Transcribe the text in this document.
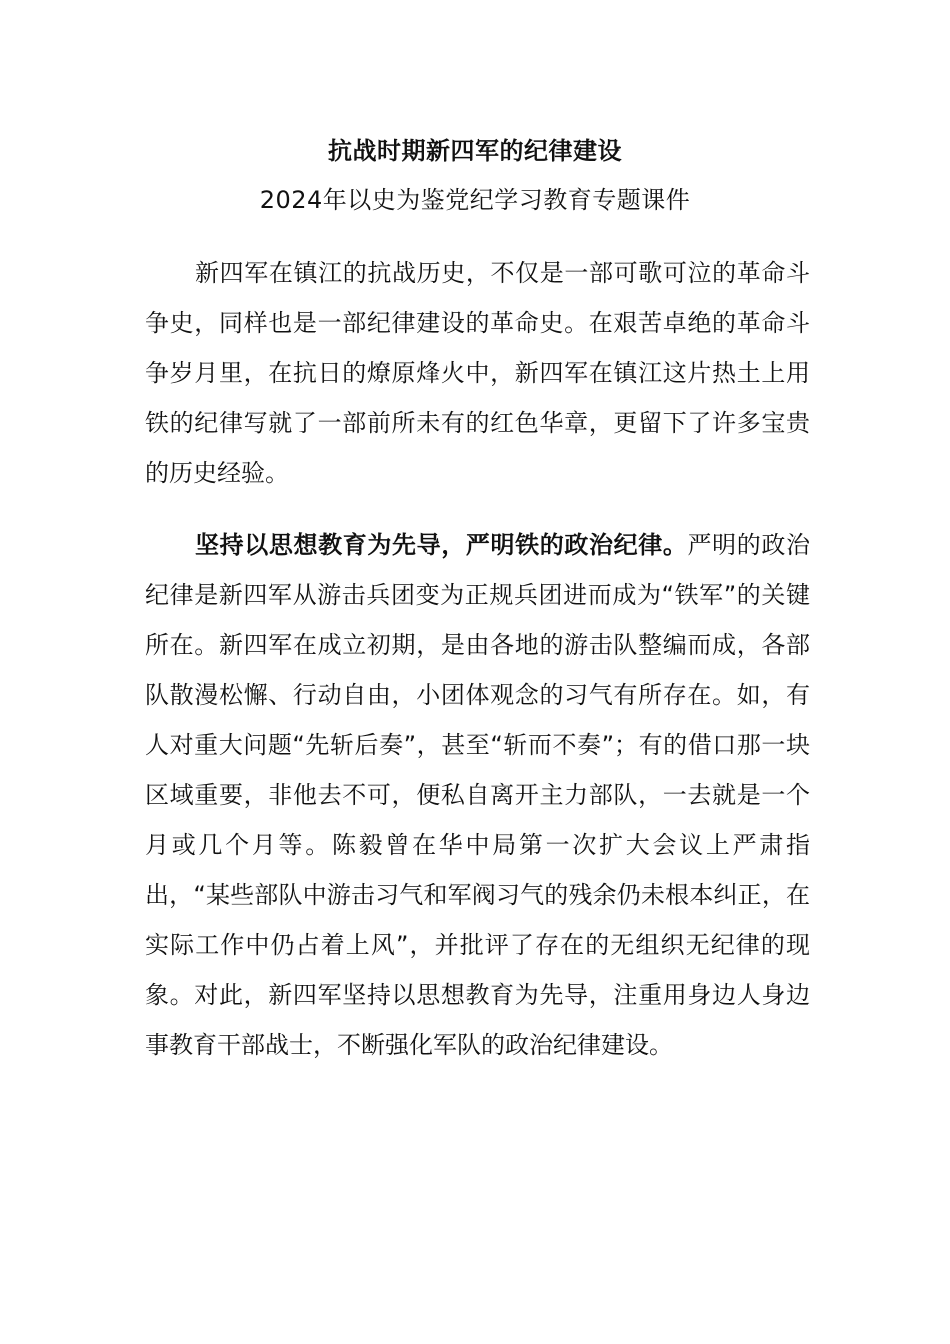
抗战时期新四军的纪律建设
2024年以史为鉴党纪学习教育专题课件

新四军在镇江的抗战历史，不仅是一部可歌可泣的革命斗争史，同样也是一部纪律建设的革命史。在艰苦卓绝的革命斗争岁月里，在抗日的燎原烽火中，新四军在镇江这片热土上用铁的纪律写就了一部前所未有的红色华章，更留下了许多宝贵的历史经验。

坚持以思想教育为先导，严明铁的政治纪律。严明的政治纪律是新四军从游击兵团变为正规兵团进而成为“铁军”的关键所在。新四军在成立初期，是由各地的游击队整编而成，各部队散漫松懈、行动自由，小团体观念的习气有所存在。如，有人对重大问题“先斩后奏”，甚至“斩而不奏”；有的借口那一块区域重要，非他去不可，便私自离开主力部队，一去就是一个月或几个月等。陈毅曾在华中局第一次扩大会议上严肃指出，“某些部队中游击习气和军阀习气的残余仍未根本纠正，在实际工作中仍占着上风”，并批评了存在的无组织无纪律的现象。对此，新四军坚持以思想教育为先导，注重用身边人身边事教育干部战士，不断强化军队的政治纪律建设。
